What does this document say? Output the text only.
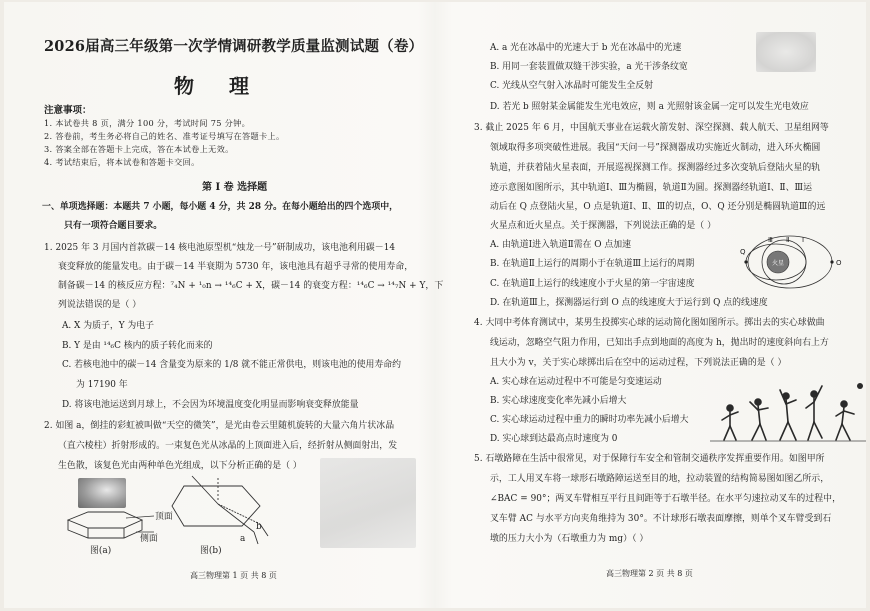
2026届高三年级第一次学情调研教学质量监测试题（卷）
物 理
注意事项：
1. 本试卷共 8 页，满分 100 分，考试时间 75 分钟。
2. 答卷前，考生务必将自己的姓名、准考证号填写在答题卡上。
3. 答案全部在答题卡上完成，答在本试卷上无效。
4. 考试结束后，将本试卷和答题卡交回。
第 Ⅰ 卷 选择题
一、单项选择题：本题共 7 小题，每小题 4 分，共 28 分。在每小题给出的四个选项中，
只有一项符合题目要求。
1. 2025 年 3 月国内首款碳－14 核电池原型机“烛龙一号”研制成功，该电池利用碳－14
衰变释放的能量发电。由于碳－14 半衰期为 5730 年，该电池具有超乎寻常的使用寿命，
制备碳－14 的核反应方程：⁷₄N + ¹₀n → ¹⁴₆C + X，碳－14 的衰变方程：¹⁴₆C → ¹⁴₇N + Y，下
列说法错误的是（ ）
A. X 为质子，Y 为电子
B. Y 是由 ¹⁴₆C 核内的质子转化而来的
C. 若核电池中的碳－14 含量变为原来的 1/8 就不能正常供电，则该电池的使用寿命约
为 17190 年
D. 将该电池运送到月球上，不会因为环境温度变化明显而影响衰变释放能量
2. 如图 a，倒挂的彩虹被叫做“天空的微笑”，是光由卷云里随机旋转的大量六角片状冰晶
（直六棱柱）折射形成的。一束复色光从冰晶的上顶面进入后，经折射从侧面射出，发
生色散，该复色光由两种单色光组成，以下分析正确的是（ ）
顶面
侧面
图(a)
b
a
图(b)
高三物理第 1 页 共 8 页
A. a 光在冰晶中的光速大于 b 光在冰晶中的光速
B. 用同一套装置做双缝干涉实验，a 光干涉条纹宽
C. 光线从空气射入冰晶时可能发生全反射
D. 若光 b 照射某金属能发生光电效应，则 a 光照射该金属一定可以发生光电效应
3. 截止 2025 年 6 月，中国航天事业在运载火箭发射、深空探测、载人航天、卫星组网等
领域取得多项突破性进展。我国“天问一号”探测器成功实施近火制动，进入环火椭圆
轨道，并获着陆火星表面，开展巡视探测工作。探测器经过多次变轨后登陆火星的轨
迹示意图如图所示，其中轨道Ⅰ、Ⅲ为椭圆，轨道Ⅱ为圆。探测器经轨道Ⅰ、Ⅱ、Ⅲ运
动后在 Q 点登陆火星，O 点是轨道Ⅰ、Ⅱ、Ⅲ的切点，O、Q 还分别是椭圆轨道Ⅲ的远
火星点和近火星点。关于探测器，下列说法正确的是（ ）
A. 由轨道Ⅰ进入轨道Ⅱ需在 O 点加速
B. 在轨道Ⅱ上运行的周期小于在轨道Ⅲ上运行的周期
C. 在轨道Ⅱ上运行的线速度小于火星的第一宇宙速度
D. 在轨道Ⅲ上，探测器运行到 O 点的线速度大于运行到 Q 点的线速度
火星
Q
O
Ⅲ Ⅱ Ⅰ
4. 大同中考体育测试中，某男生投掷实心球的运动简化图如图所示。掷出去的实心球做曲
线运动，忽略空气阻力作用，已知出手点到地面的高度为 h，抛出时的速度斜向右上方
且大小为 v，关于实心球掷出后在空中的运动过程，下列说法正确的是（ ）
A. 实心球在运动过程中不可能是匀变速运动
B. 实心球速度变化率先减小后增大
C. 实心球运动过程中重力的瞬时功率先减小后增大
D. 实心球到达最高点时速度为 0
5. 石墩路障在生活中很常见，对于保障行车安全和管制交通秩序发挥重要作用。如图甲所
示，工人用叉车将一球形石墩路障运送至目的地，拉动装置的结构简易图如图乙所示，
∠BAC = 90°；两叉车臂相互平行且间距等于石墩半径。在水平匀速拉动叉车的过程中，
叉车臂 AC 与水平方向夹角维持为 30°。不计球形石墩表面摩擦，则单个叉车臂受到石
墩的压力大小为（石墩重力为 mg）（ ）
高三物理第 2 页 共 8 页
